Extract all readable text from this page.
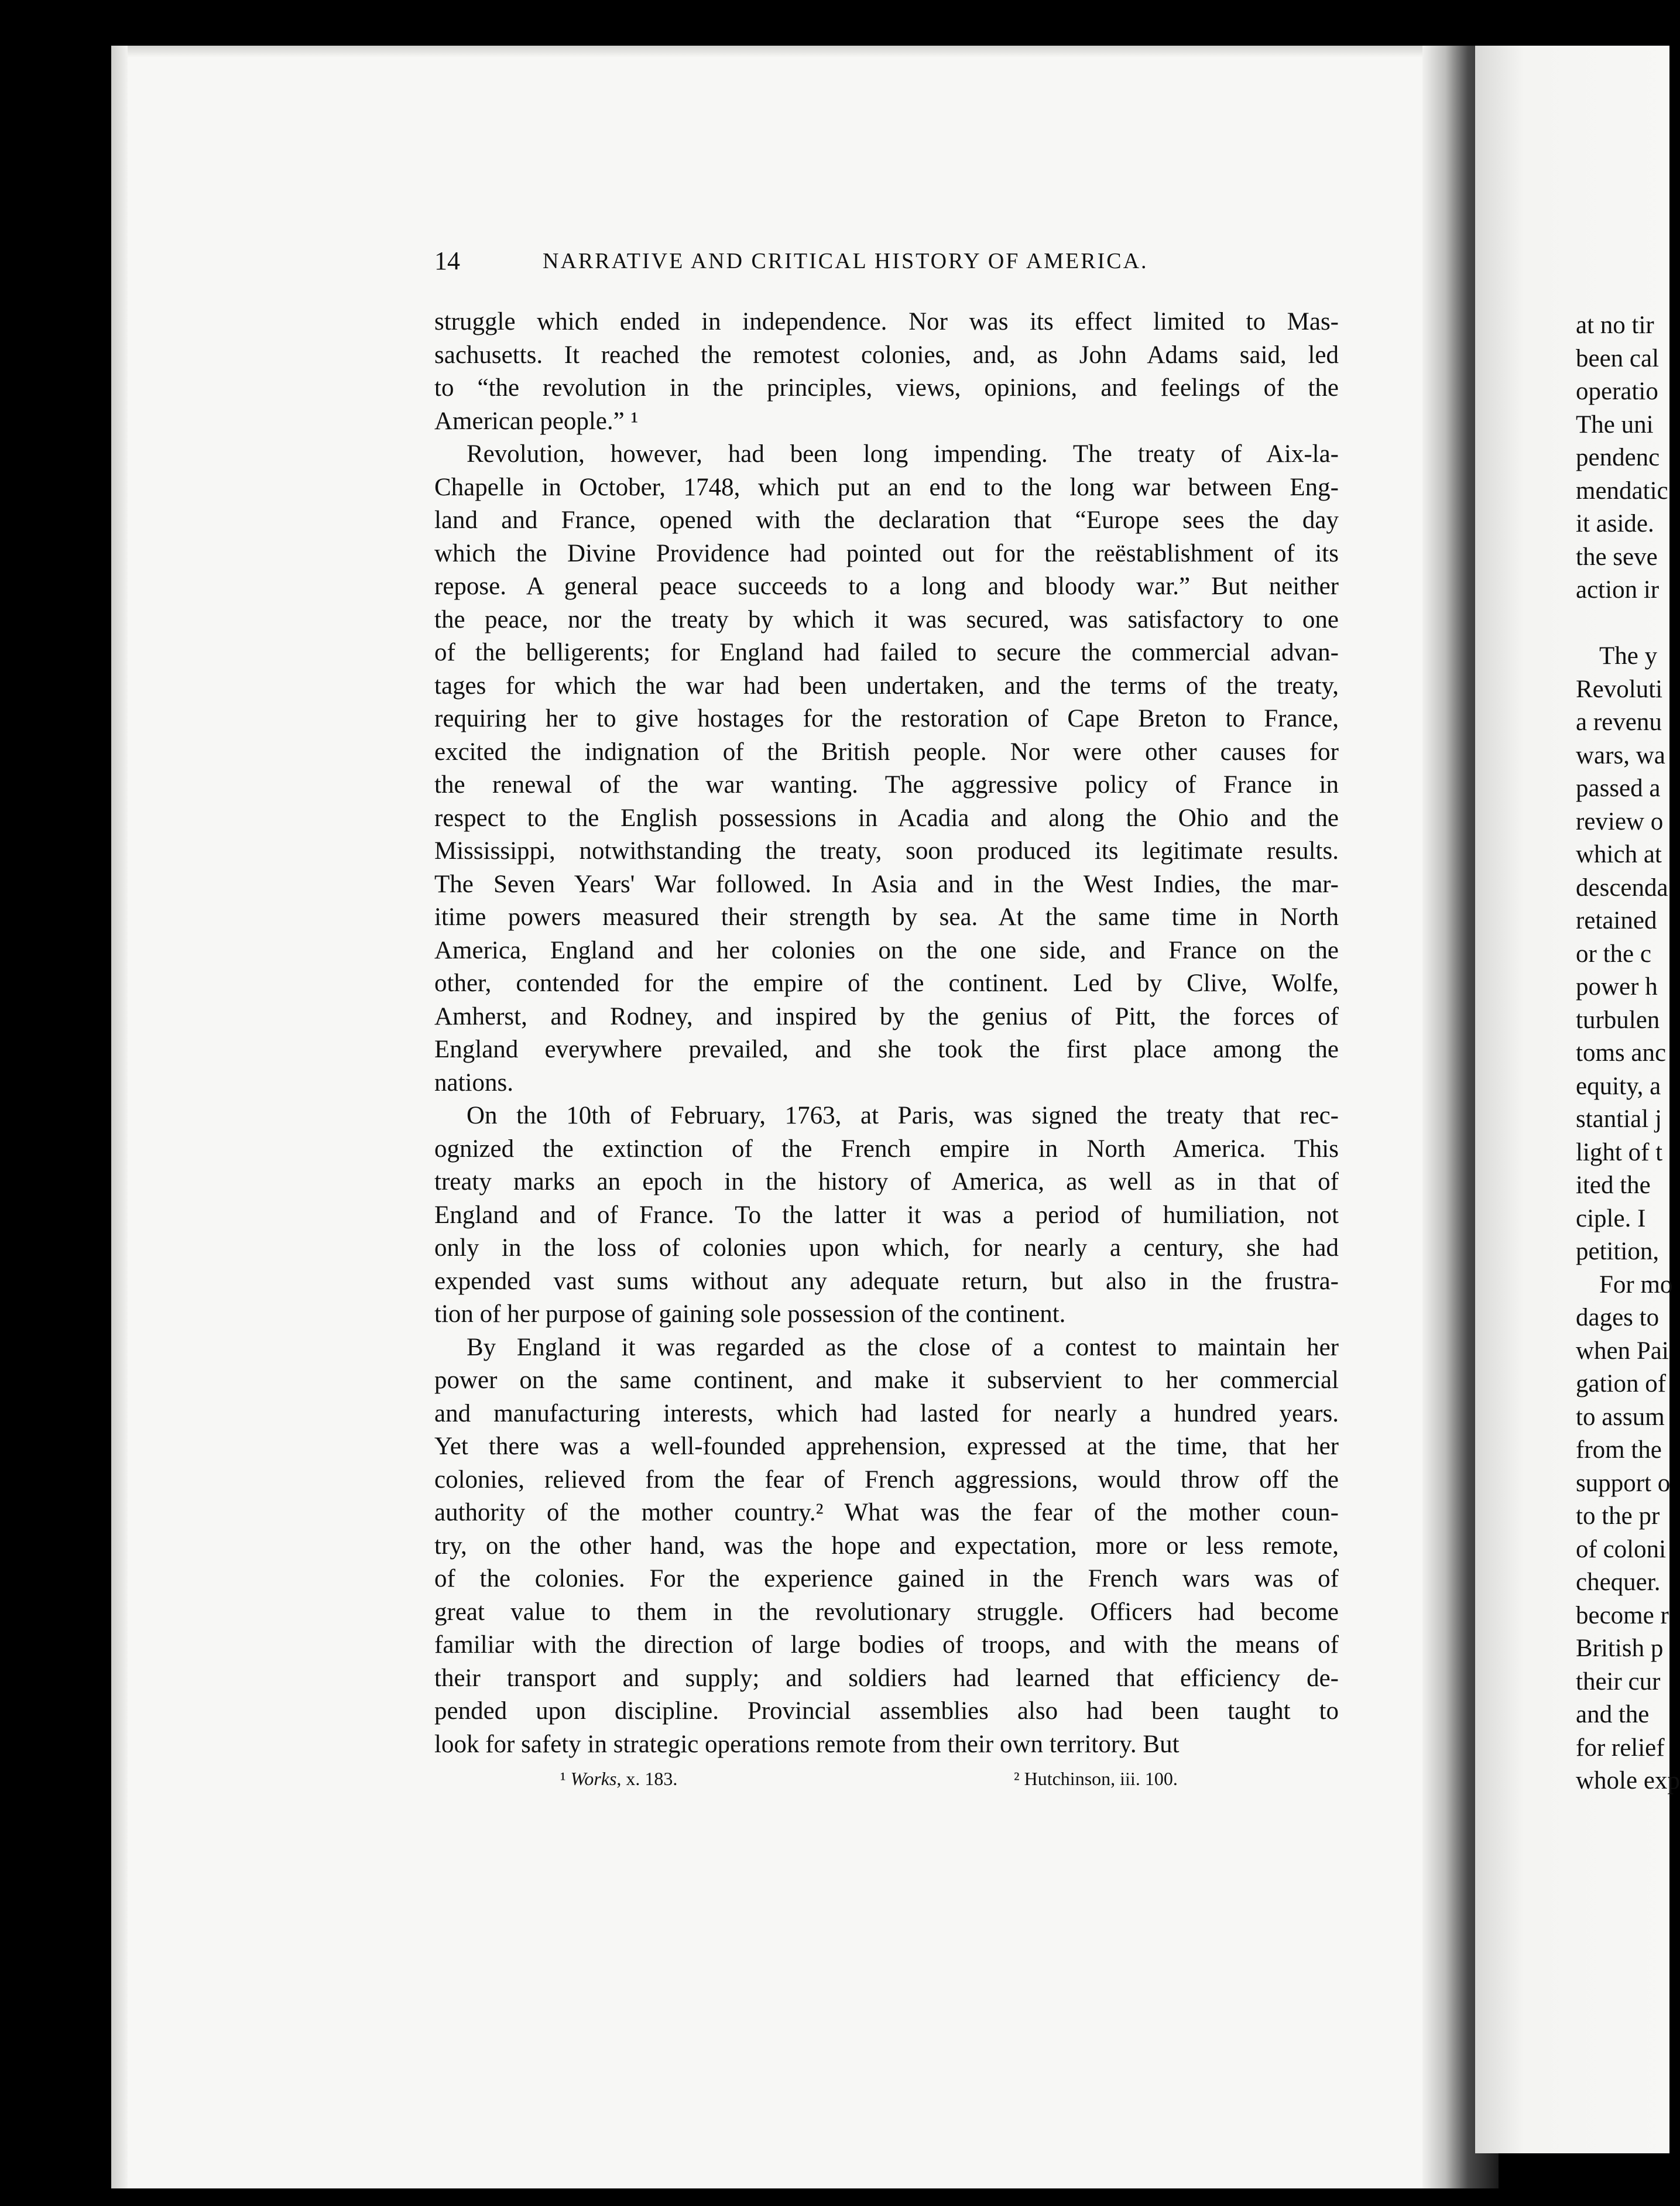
14	NARRATIVE AND CRITICAL HISTORY OF AMERICA.
struggle which ended in independence. Nor was its effect limited to Mas-
sachusetts. It reached the remotest colonies, and, as John Adams said, led
to “the revolution in the principles, views, opinions, and feelings of the
American people.” ¹
Revolution, however, had been long impending. The treaty of Aix-la-
Chapelle in October, 1748, which put an end to the long war between Eng-
land and France, opened with the declaration that “Europe sees the day
which the Divine Providence had pointed out for the reëstablishment of its
repose. A general peace succeeds to a long and bloody war.” But neither
the peace, nor the treaty by which it was secured, was satisfactory to one
of the belligerents; for England had failed to secure the commercial advan-
tages for which the war had been undertaken, and the terms of the treaty,
requiring her to give hostages for the restoration of Cape Breton to France,
excited the indignation of the British people. Nor were other causes for
the renewal of the war wanting. The aggressive policy of France in
respect to the English possessions in Acadia and along the Ohio and the
Mississippi, notwithstanding the treaty, soon produced its legitimate results.
The Seven Years' War followed. In Asia and in the West Indies, the mar-
itime powers measured their strength by sea. At the same time in North
America, England and her colonies on the one side, and France on the
other, contended for the empire of the continent. Led by Clive, Wolfe,
Amherst, and Rodney, and inspired by the genius of Pitt, the forces of
England everywhere prevailed, and she took the first place among the
nations.
On the 10th of February, 1763, at Paris, was signed the treaty that rec-
ognized the extinction of the French empire in North America. This
treaty marks an epoch in the history of America, as well as in that of
England and of France. To the latter it was a period of humiliation, not
only in the loss of colonies upon which, for nearly a century, she had
expended vast sums without any adequate return, but also in the frustra-
tion of her purpose of gaining sole possession of the continent.
By England it was regarded as the close of a contest to maintain her
power on the same continent, and make it subservient to her commercial
and manufacturing interests, which had lasted for nearly a hundred years.
Yet there was a well-founded apprehension, expressed at the time, that her
colonies, relieved from the fear of French aggressions, would throw off the
authority of the mother country.² What was the fear of the mother coun-
try, on the other hand, was the hope and expectation, more or less remote,
of the colonies. For the experience gained in the French wars was of
great value to them in the revolutionary struggle. Officers had become
familiar with the direction of large bodies of troops, and with the means of
their transport and supply; and soldiers had learned that efficiency de-
pended upon discipline. Provincial assemblies also had been taught to
look for safety in strategic operations remote from their own territory. But
¹ Works, x. 183.	² Hutchinson, iii. 100.
at no tir
been cal
operatio
The uni
pendenc
mendatic
it aside.
the seve
action ir
The y
Revoluti
a revenu
wars, wa
passed a
review o
which at
descenda
retained
or the c
power h
turbulen
toms anc
equity, a
stantial j
light of t
ited the
ciple. I
petition,
For mo
dages to
when Pai
gation of
to assum
from the
support o
to the pr
of coloni
chequer.
become r
British p
their cur
and the
for relief
whole exp
